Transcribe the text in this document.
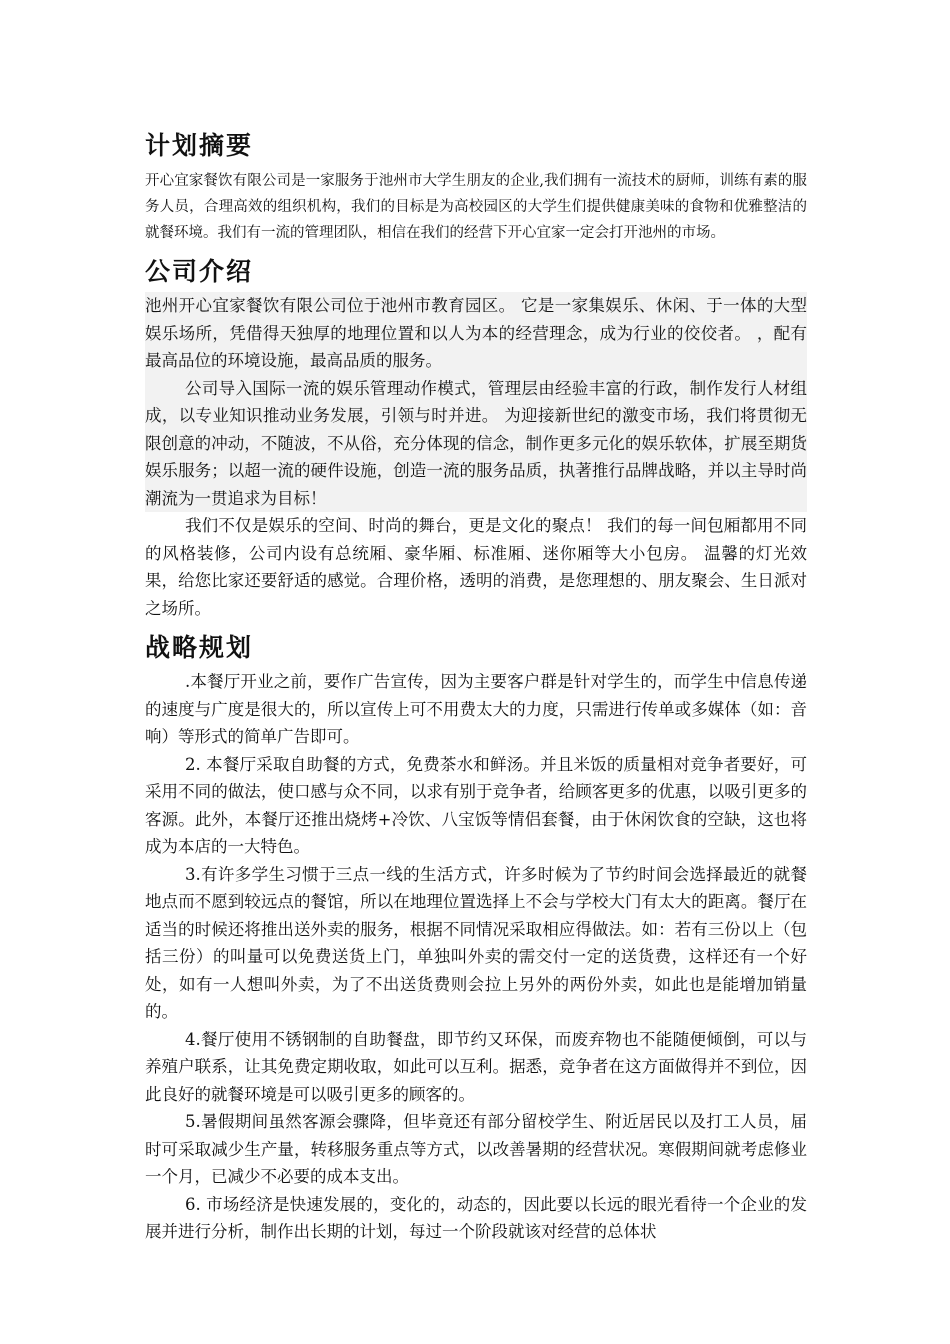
计划摘要

开心宜家餐饮有限公司是一家服务于池州市大学生朋友的企业,我们拥有一流技术的厨师，训练有素的服务人员，合理高效的组织机构，我们的目标是为高校园区的大学生们提供健康美味的食物和优雅整洁的就餐环境。我们有一流的管理团队，相信在我们的经营下开心宜家一定会打开池州的市场。

公司介绍

池州开心宜家餐饮有限公司位于池州市教育园区。 它是一家集娱乐、休闲、于一体的大型娱乐场所，凭借得天独厚的地理位置和以人为本的经营理念，成为行业的佼佼者。 ，配有最高品位的环境设施，最高品质的服务。

公司导入国际一流的娱乐管理动作模式，管理层由经验丰富的行政，制作发行人材组成，以专业知识推动业务发展，引领与时并进。 为迎接新世纪的激变市场，我们将贯彻无限创意的冲动，不随波，不从俗，充分体现的信念，制作更多元化的娱乐软体，扩展至期货娱乐服务；以超一流的硬件设施，创造一流的服务品质，执著推行品牌战略，并以主导时尚潮流为一贯追求为目标！

我们不仅是娱乐的空间、时尚的舞台，更是文化的聚点！ 我们的每一间包厢都用不同的风格装修，公司内设有总统厢、豪华厢、标准厢、迷你厢等大小包房。 温馨的灯光效果，给您比家还要舒适的感觉。合理价格，透明的消费，是您理想的、朋友聚会、生日派对之场所。

战略规划

.本餐厅开业之前，要作广告宣传，因为主要客户群是针对学生的，而学生中信息传递的速度与广度是很大的，所以宣传上可不用费太大的力度，只需进行传单或多媒体（如：音响）等形式的简单广告即可。

2. 本餐厅采取自助餐的方式，免费茶水和鲜汤。并且米饭的质量相对竞争者要好，可采用不同的做法，使口感与众不同，以求有别于竞争者，给顾客更多的优惠，以吸引更多的客源。此外，本餐厅还推出烧烤+冷饮、八宝饭等情侣套餐，由于休闲饮食的空缺，这也将成为本店的一大特色。

3.有许多学生习惯于三点一线的生活方式，许多时候为了节约时间会选择最近的就餐地点而不愿到较远点的餐馆，所以在地理位置选择上不会与学校大门有太大的距离。餐厅在适当的时候还将推出送外卖的服务，根据不同情况采取相应得做法。如：若有三份以上（包括三份）的叫量可以免费送货上门，单独叫外卖的需交付一定的送货费，这样还有一个好处，如有一人想叫外卖，为了不出送货费则会拉上另外的两份外卖，如此也是能增加销量的。

4.餐厅使用不锈钢制的自助餐盘，即节约又环保，而废弃物也不能随便倾倒，可以与养殖户联系，让其免费定期收取，如此可以互利。据悉，竞争者在这方面做得并不到位，因此良好的就餐环境是可以吸引更多的顾客的。

5.暑假期间虽然客源会骤降，但毕竟还有部分留校学生、附近居民以及打工人员，届时可采取减少生产量，转移服务重点等方式，以改善暑期的经营状况。寒假期间就考虑修业一个月，已减少不必要的成本支出。

6. 市场经济是快速发展的，变化的，动态的，因此要以长远的眼光看待一个企业的发展并进行分析，制作出长期的计划，每过一个阶段就该对经营的总体状
